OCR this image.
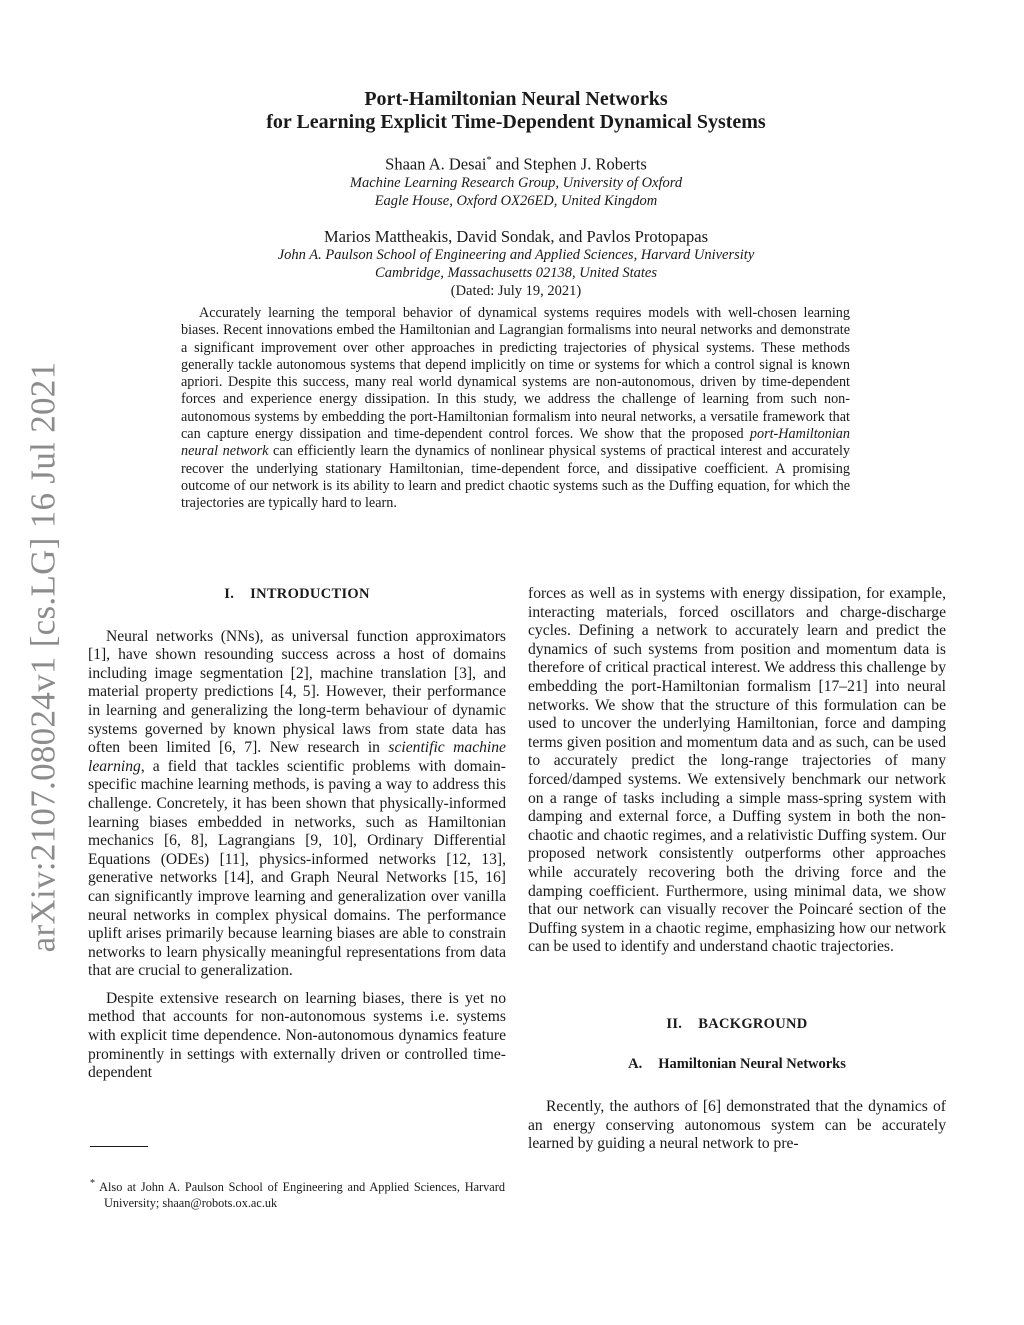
arXiv:2107.08024v1 [cs.LG] 16 Jul 2021
Port-Hamiltonian Neural Networks
for Learning Explicit Time-Dependent Dynamical Systems
Shaan A. Desai* and Stephen J. Roberts
Machine Learning Research Group, University of Oxford
Eagle House, Oxford OX26ED, United Kingdom
Marios Mattheakis, David Sondak, and Pavlos Protopapas
John A. Paulson School of Engineering and Applied Sciences, Harvard University
Cambridge, Massachusetts 02138, United States
(Dated: July 19, 2021)

Accurately learning the temporal behavior of dynamical systems requires models with well-chosen learning biases. Recent innovations embed the Hamiltonian and Lagrangian formalisms into neural networks and demonstrate a significant improvement over other approaches in predicting trajectories of physical systems. These methods generally tackle autonomous systems that depend implicitly on time or systems for which a control signal is known apriori. Despite this success, many real world dynamical systems are non-autonomous, driven by time-dependent forces and experience energy dissipation. In this study, we address the challenge of learning from such non-autonomous systems by embedding the port-Hamiltonian formalism into neural networks, a versatile framework that can capture energy dissipation and time-dependent control forces. We show that the proposed port-Hamiltonian neural network can efficiently learn the dynamics of nonlinear physical systems of practical interest and accurately recover the underlying stationary Hamiltonian, time-dependent force, and dissipative coefficient. A promising outcome of our network is its ability to learn and predict chaotic systems such as the Duffing equation, for which the trajectories are typically hard to learn.

I. INTRODUCTION

Neural networks (NNs), as universal function approximators [1], have shown resounding success across a host of domains including image segmentation [2], machine translation [3], and material property predictions [4, 5]. However, their performance in learning and generalizing the long-term behaviour of dynamic systems governed by known physical laws from state data has often been limited [6, 7]. New research in scientific machine learning, a field that tackles scientific problems with domain-specific machine learning methods, is paving a way to address this challenge. Concretely, it has been shown that physically-informed learning biases embedded in networks, such as Hamiltonian mechanics [6, 8], Lagrangians [9, 10], Ordinary Differential Equations (ODEs) [11], physics-informed networks [12, 13], generative networks [14], and Graph Neural Networks [15, 16] can significantly improve learning and generalization over vanilla neural networks in complex physical domains. The performance uplift arises primarily because learning biases are able to constrain networks to learn physically meaningful representations from data that are crucial to generalization.

Despite extensive research on learning biases, there is yet no method that accounts for non-autonomous systems i.e. systems with explicit time dependence. Non-autonomous dynamics feature prominently in settings with externally driven or controlled time-dependent

* Also at John A. Paulson School of Engineering and Applied Sciences, Harvard University; shaan@robots.ox.ac.uk

forces as well as in systems with energy dissipation, for example, interacting materials, forced oscillators and charge-discharge cycles. Defining a network to accurately learn and predict the dynamics of such systems from position and momentum data is therefore of critical practical interest. We address this challenge by embedding the port-Hamiltonian formalism [17–21] into neural networks. We show that the structure of this formulation can be used to uncover the underlying Hamiltonian, force and damping terms given position and momentum data and as such, can be used to accurately predict the long-range trajectories of many forced/damped systems. We extensively benchmark our network on a range of tasks including a simple mass-spring system with damping and external force, a Duffing system in both the non-chaotic and chaotic regimes, and a relativistic Duffing system. Our proposed network consistently outperforms other approaches while accurately recovering both the driving force and the damping coefficient. Furthermore, using minimal data, we show that our network can visually recover the Poincaré section of the Duffing system in a chaotic regime, emphasizing how our network can be used to identify and understand chaotic trajectories.

II. BACKGROUND
A. Hamiltonian Neural Networks

Recently, the authors of [6] demonstrated that the dynamics of an energy conserving autonomous system can be accurately learned by guiding a neural network to pre-
